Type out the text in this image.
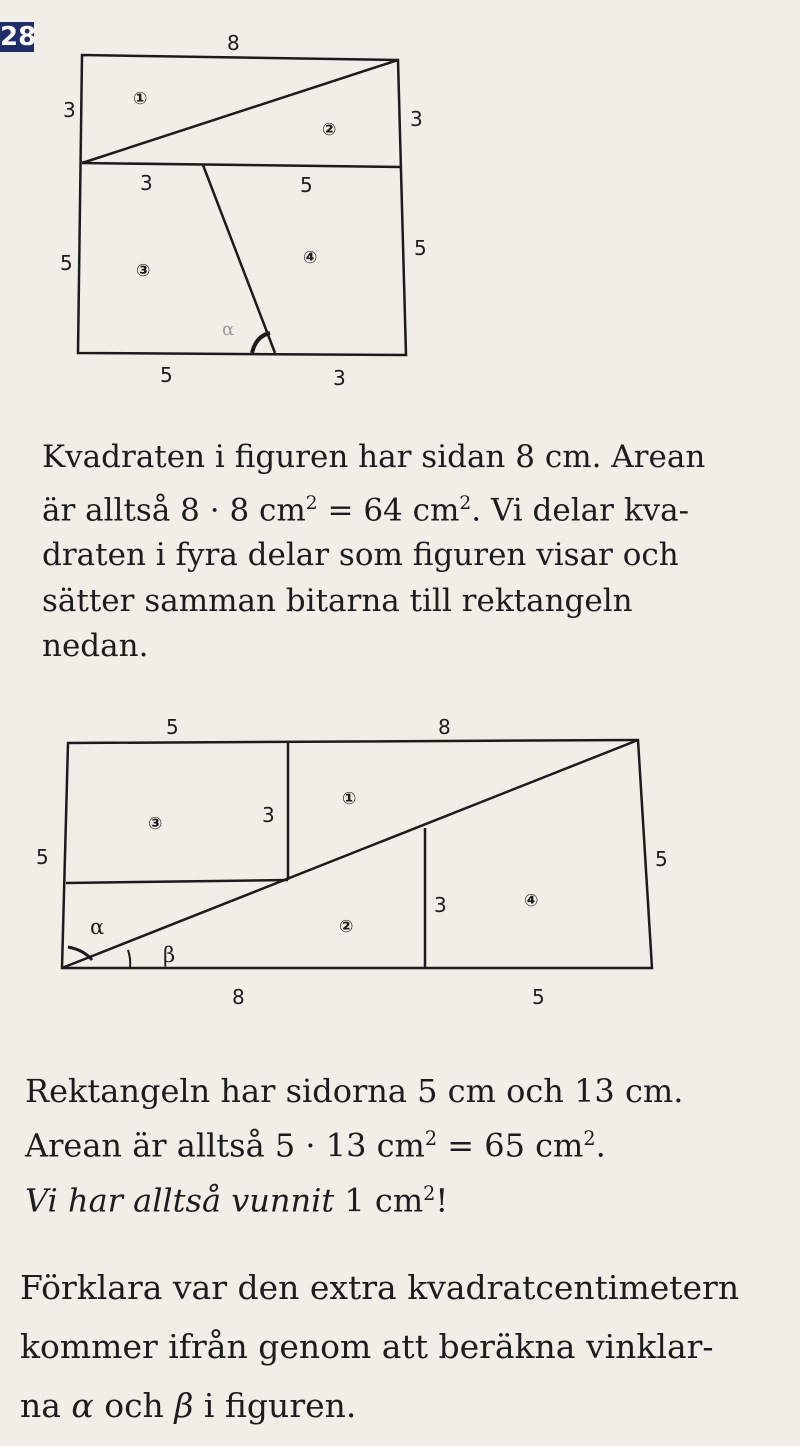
28	8
3	3
3	5
5
5
5	3
①
②
③
④
α

Kvadraten i figuren har sidan 8 cm. Arean
är alltså 8 · 8 $cm^2 = 64$ $cm^2$. Vi delar kva-
draten i fyra delar som figuren visar och
sätter samman bitarna till rektangeln
nedan.

5	8
5	5
3
3
8	5
③
①
②
④
α
β

Rektangeln har sidorna 5 cm och 13 cm.
Arean är alltså 5 · 13 $cm^2 = 65$ $cm^2$.
Vi har alltså vunnit 1 $cm^2$!

Förklara var den extra kvadratcentimetern
kommer ifrån genom att beräkna vinklar-
na α och β i figuren.
